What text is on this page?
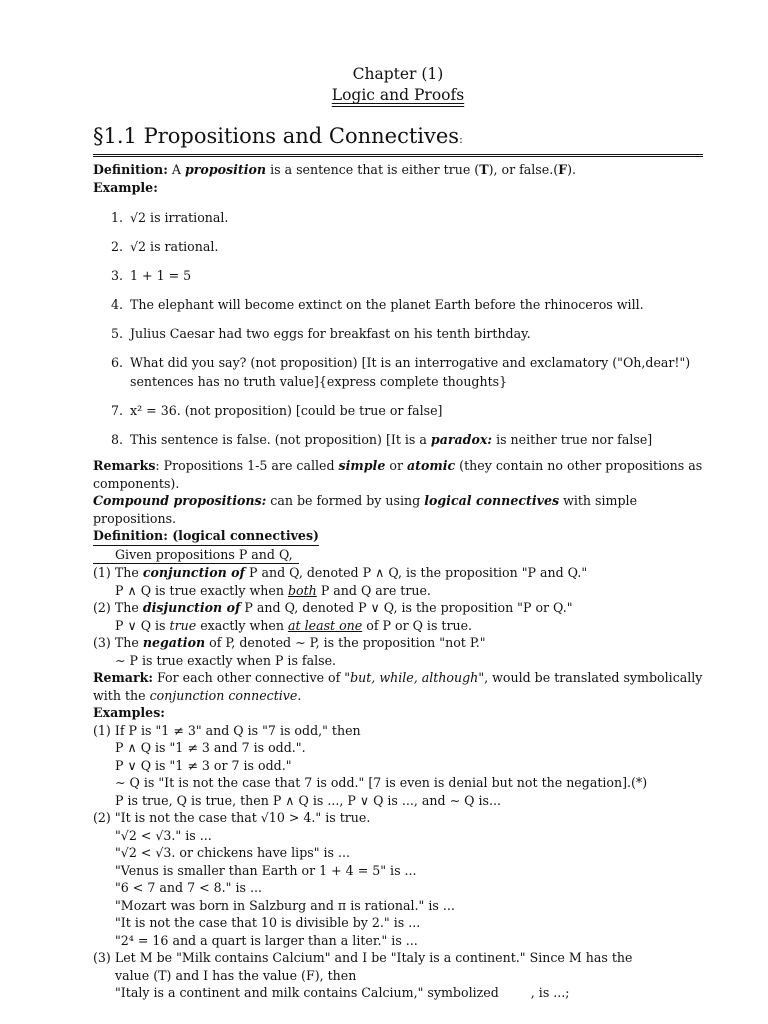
Chapter (1)
Logic and Proofs
§1.1 Propositions and Connectives:

Definition: A proposition is a sentence that is either true (T), or false.(F).

Example:

1. √2 is irrational.
2. √2 is rational.
3. 1 + 1 = 5
4. The elephant will become extinct on the planet Earth before the rhinoceros will.
5. Julius Caesar had two eggs for breakfast on his tenth birthday.
6. What did you say? (not proposition) [It is an interrogative and exclamatory ("Oh,dear!")
sentences has no truth value]{express complete thoughts}
7. x² = 36. (not proposition) [could be true or false]
8. This sentence is false. (not proposition) [It is a paradox: is neither true nor false]

Remarks: Propositions 1-5 are called simple or atomic (they contain no other propositions as components).

Compound propositions: can be formed by using logical connectives with simple propositions.

Definition: (logical connectives)

Given propositions P and Q,

(1) The conjunction of P and Q, denoted P ∧ Q, is the proposition "P and Q."

P ∧ Q is true exactly when both P and Q are true.

(2) The disjunction of P and Q, denoted P ∨ Q, is the proposition "P or Q."

P ∨ Q is true exactly when at least one of P or Q is true.

(3) The negation of P, denoted ∼ P, is the proposition "not P."

∼ P is true exactly when P is false.

Remark: For each other connective of "but, while, although", would be translated symbolically with the conjunction connective.

Examples:

(1) If P is "1 ≠ 3" and Q is "7 is odd," then

P ∧ Q is "1 ≠ 3 and 7 is odd.".

P ∨ Q is "1 ≠ 3 or 7 is odd."

∼ Q is "It is not the case that 7 is odd." [7 is even is denial but not the negation].(*)

P is true, Q is true, then P ∧ Q is ..., P ∨ Q is ..., and ∼ Q is...

(2) "It is not the case that √10 > 4." is true.

"√2 < √3." is ...

"√2 < √3. or chickens have lips" is ...

"Venus is smaller than Earth or 1 + 4 = 5" is ...

"6 < 7 and 7 < 8." is ...

"Mozart was born in Salzburg and π is rational." is ...

"It is not the case that 10 is divisible by 2." is ...

"2⁴ = 16 and a quart is larger than a liter." is ...

(3) Let M be "Milk contains Calcium" and I be "Italy is a continent." Since M has the

value (T) and I has the value (F), then

"Italy is a continent and milk contains Calcium," symbolized        , is ...;
